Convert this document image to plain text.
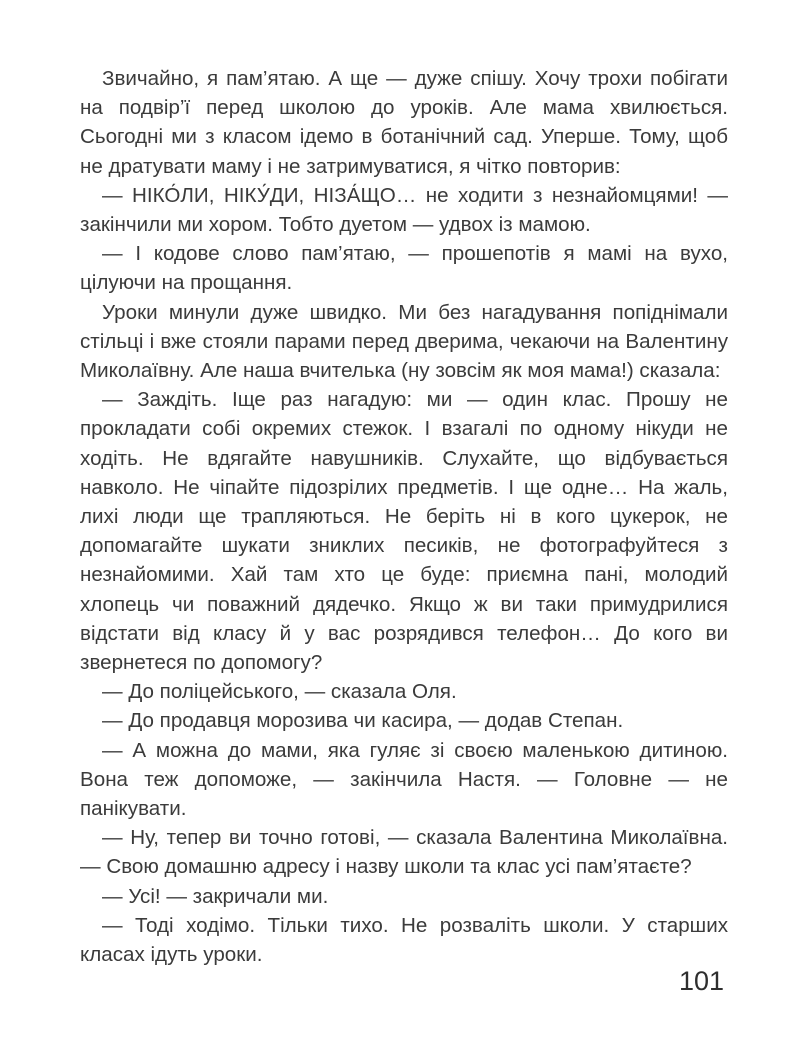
Звичайно, я пам’ятаю. А ще — дуже спішу. Хочу трохи побігати на подвір’ї перед школою до уроків. Але мама хвилюється. Сьогодні ми з класом ідемо в ботанічний сад. Уперше. Тому, щоб не дратувати маму і не затримуватися, я чітко повторив:

— НІКО́ЛИ, НІКУ́ДИ, НІЗА́ЩО… не ходити з незнайомцями! — закінчили ми хором. Тобто дуетом — удвох із мамою.

— І кодове слово пам’ятаю, — прошепотів я мамі на вухо, цілуючи на прощання.

Уроки минули дуже швидко. Ми без нагадування попіднімали стільці і вже стояли парами перед дверима, чекаючи на Валентину Миколаївну. Але наша вчителька (ну зовсім як моя мама!) сказала:

— Заждіть. Іще раз нагадую: ми — один клас. Прошу не прокладати собі окремих стежок. І взагалі по одному нікуди не ходіть. Не вдягайте навушників. Слухайте, що відбувається навколо. Не чіпайте підозрілих предметів. І ще одне… На жаль, лихі люди ще трапляються. Не беріть ні в кого цукерок, не допомагайте шукати зниклих песиків, не фотографуйтеся з незнайомими. Хай там хто це буде: приємна пані, молодий хлопець чи поважний дядечко. Якщо ж ви таки примудрилися відстати від класу й у вас розрядився телефон… До кого ви звернетеся по допомогу?

— До поліцейського, — сказала Оля.

— До продавця морозива чи касира, — додав Степан.

— А можна до мами, яка гуляє зі своєю маленькою дитиною. Вона теж допоможе, — закінчила Настя. — Головне — не панікувати.

— Ну, тепер ви точно готові, — сказала Валентина Миколаївна. — Свою домашню адресу і назву школи та клас усі пам’ятаєте?

— Усі! — закричали ми.

— Тоді ходімо. Тільки тихо. Не розваліть школи. У старших класах ідуть уроки.

101
